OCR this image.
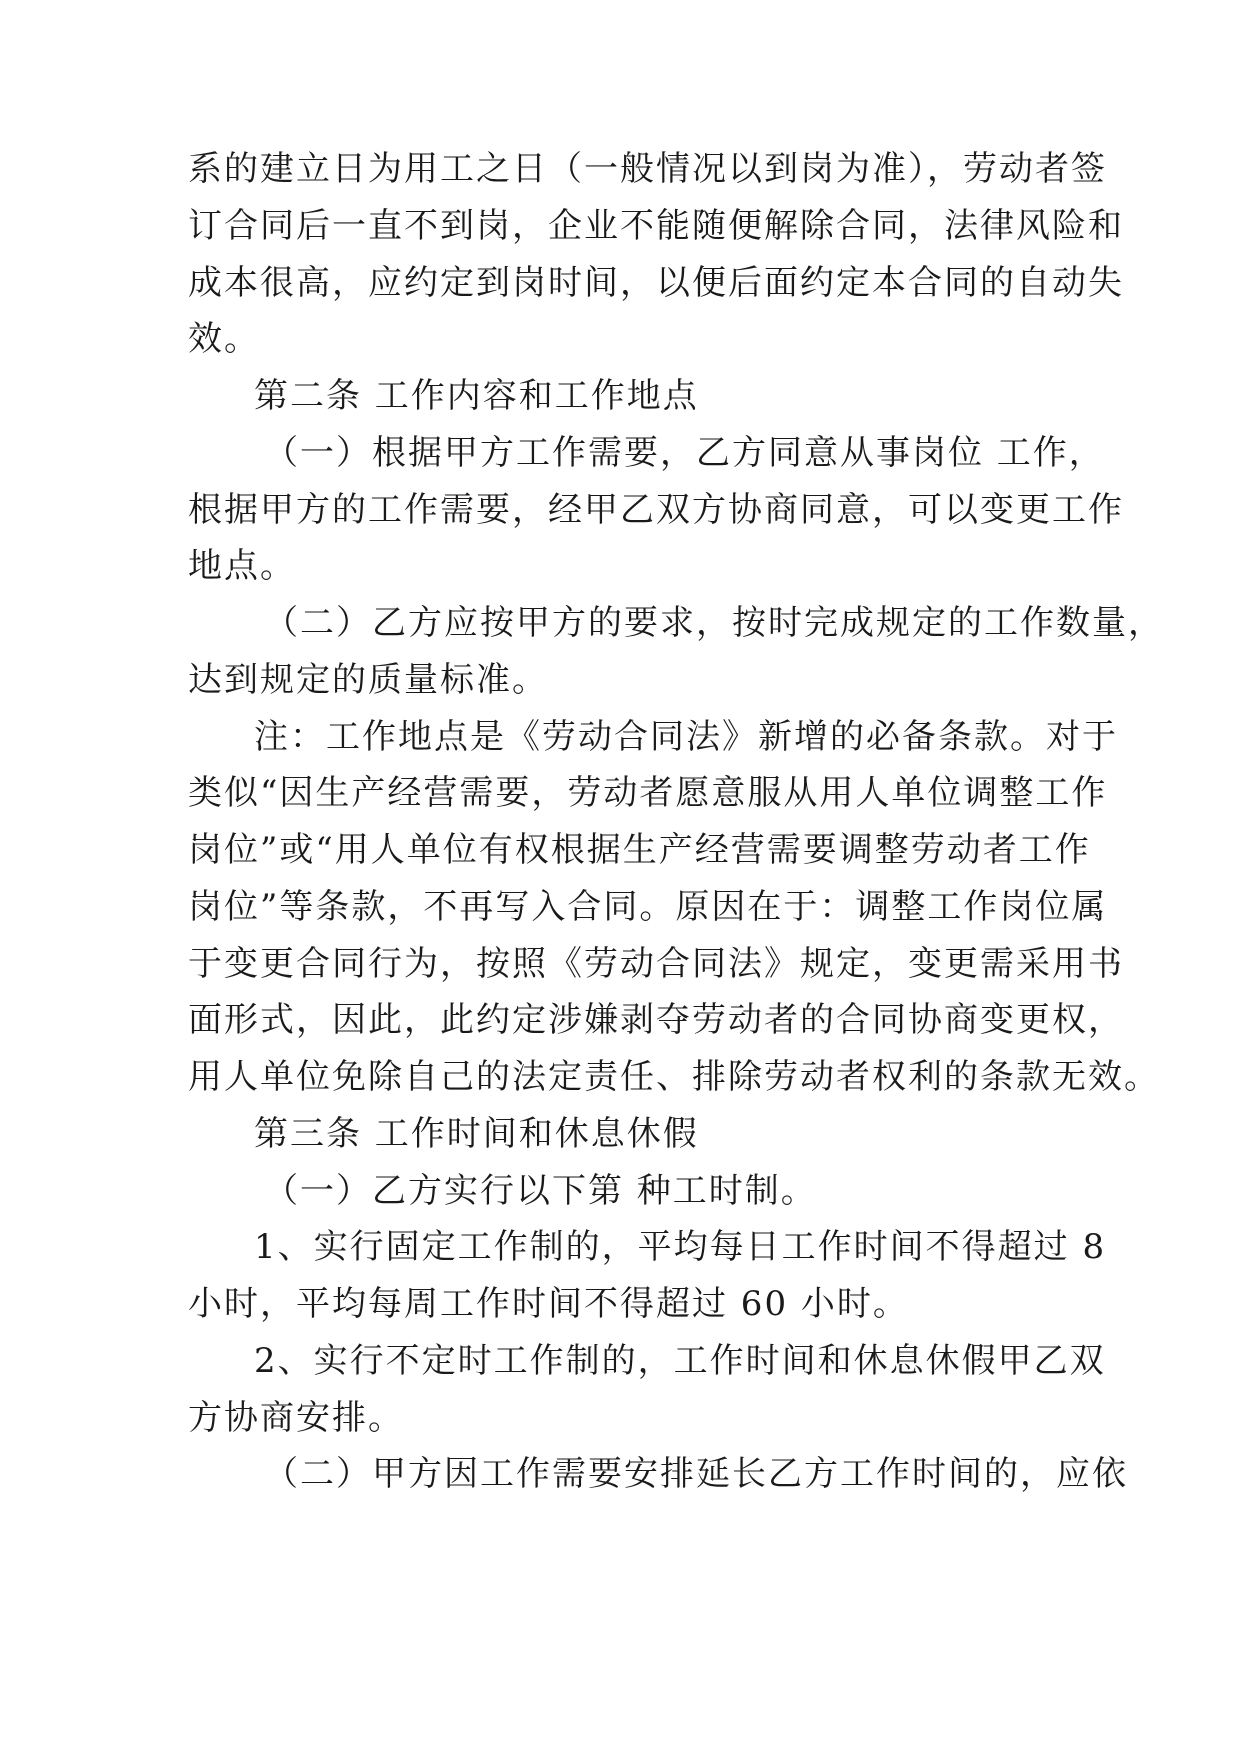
系的建立日为用工之日（一般情况以到岗为准），劳动者签
订合同后一直不到岗，企业不能随便解除合同，法律风险和
成本很高，应约定到岗时间，以便后面约定本合同的自动失
效。
第二条 工作内容和工作地点
（一）根据甲方工作需要，乙方同意从事岗位 工作，
根据甲方的工作需要，经甲乙双方协商同意，可以变更工作
地点。
（二）乙方应按甲方的要求，按时完成规定的工作数量，
达到规定的质量标准。
注：工作地点是《劳动合同法》新增的必备条款。对于
类似“因生产经营需要，劳动者愿意服从用人单位调整工作
岗位”或“用人单位有权根据生产经营需要调整劳动者工作
岗位”等条款，不再写入合同。原因在于：调整工作岗位属
于变更合同行为，按照《劳动合同法》规定，变更需采用书
面形式，因此，此约定涉嫌剥夺劳动者的合同协商变更权，
用人单位免除自己的法定责任、排除劳动者权利的条款无效。
第三条 工作时间和休息休假
（一）乙方实行以下第 种工时制。
1、实行固定工作制的，平均每日工作时间不得超过 8
小时，平均每周工作时间不得超过 60 小时。
2、实行不定时工作制的，工作时间和休息休假甲乙双
方协商安排。
（二）甲方因工作需要安排延长乙方工作时间的，应依
